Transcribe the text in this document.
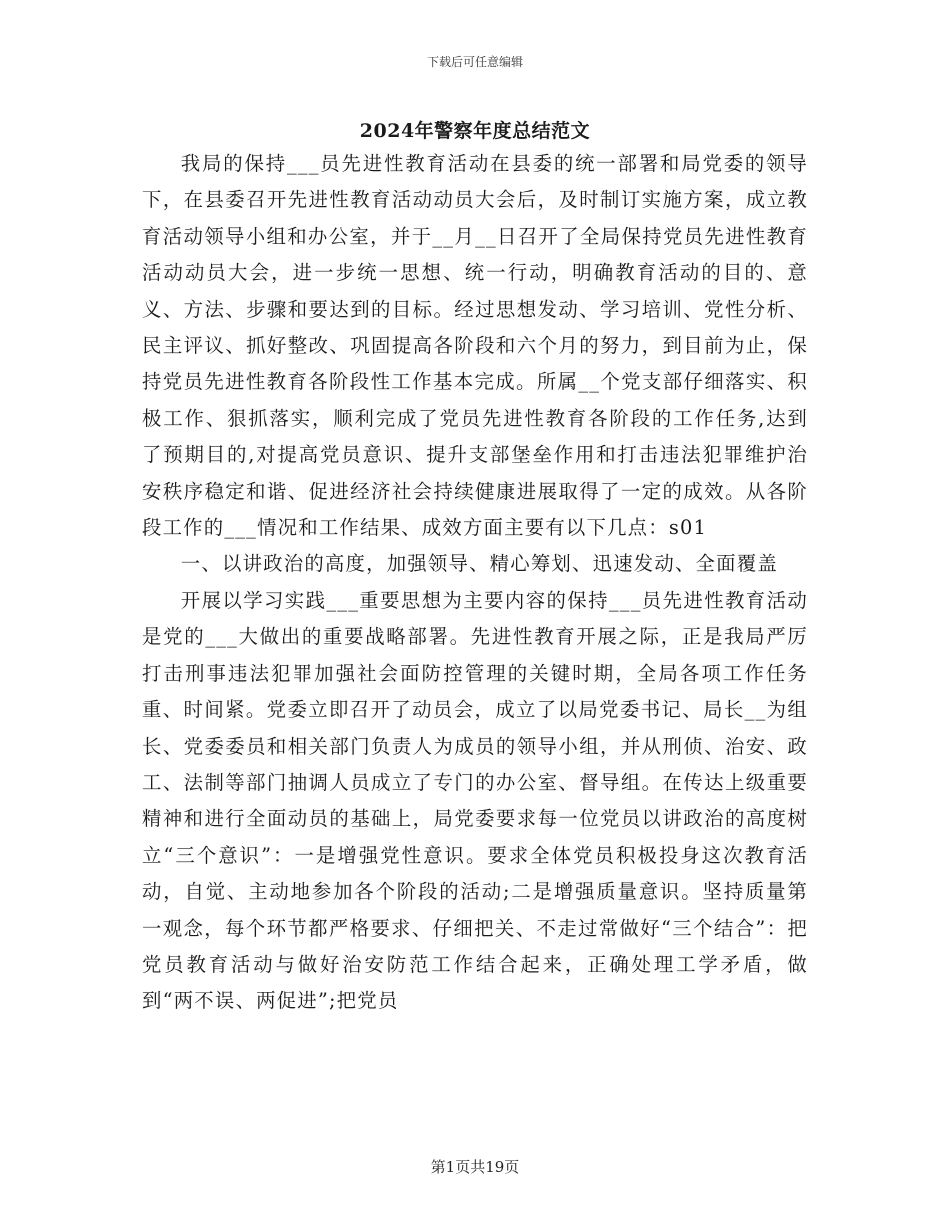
下载后可任意编辑
2024年警察年度总结范文

我局的保持___员先进性教育活动在县委的统一部署和局党委的领导下，在县委召开先进性教育活动动员大会后，及时制订实施方案，成立教育活动领导小组和办公室，并于__月__日召开了全局保持党员先进性教育活动动员大会，进一步统一思想、统一行动，明确教育活动的目的、意义、方法、步骤和要达到的目标。经过思想发动、学习培训、党性分析、民主评议、抓好整改、巩固提高各阶段和六个月的努力，到目前为止，保持党员先进性教育各阶段性工作基本完成。所属__个党支部仔细落实、积极工作、狠抓落实，顺利完成了党员先进性教育各阶段的工作任务,达到了预期目的,对提高党员意识、提升支部堡垒作用和打击违法犯罪维护治安秩序稳定和谐、促进经济社会持续健康进展取得了一定的成效。从各阶段工作的___情况和工作结果、成效方面主要有以下几点：s01

一、以讲政治的高度，加强领导、精心筹划、迅速发动、全面覆盖

开展以学习实践___重要思想为主要内容的保持___员先进性教育活动是党的___大做出的重要战略部署。先进性教育开展之际，正是我局严厉打击刑事违法犯罪加强社会面防控管理的关键时期，全局各项工作任务重、时间紧。党委立即召开了动员会，成立了以局党委书记、局长__为组长、党委委员和相关部门负责人为成员的领导小组，并从刑侦、治安、政工、法制等部门抽调人员成立了专门的办公室、督导组。在传达上级重要精神和进行全面动员的基础上，局党委要求每一位党员以讲政治的高度树立“三个意识”：一是增强党性意识。要求全体党员积极投身这次教育活动，自觉、主动地参加各个阶段的活动;二是增强质量意识。坚持质量第一观念，每个环节都严格要求、仔细把关、不走过常做好“三个结合”：把党员教育活动与做好治安防范工作结合起来，正确处理工学矛盾，做到“两不误、两促进”;把党员

第1页共19页
